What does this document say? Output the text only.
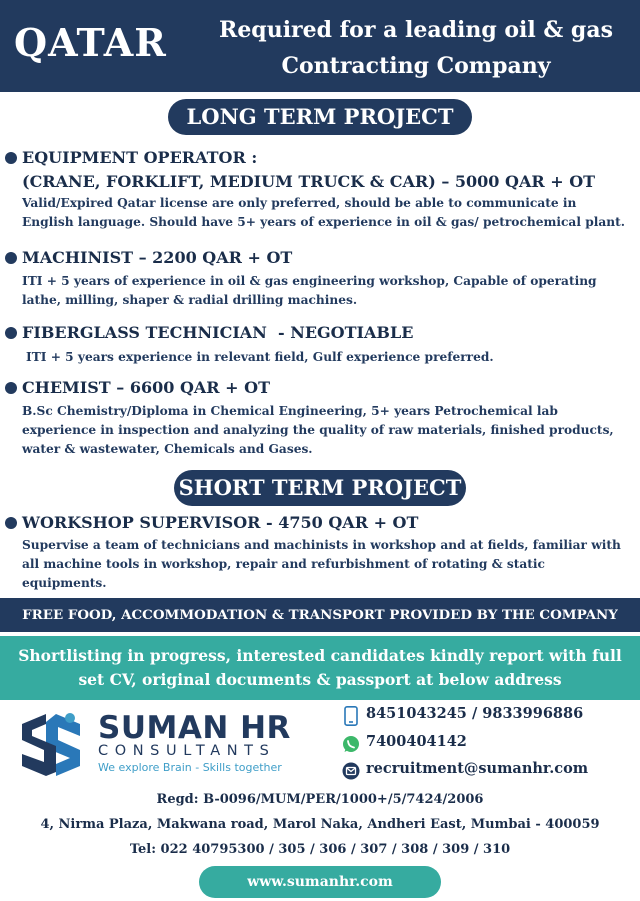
QATAR	Required for a leading oil & gas
Contracting Company
LONG TERM PROJECT
EQUIPMENT OPERATOR :
(CRANE, FORKLIFT, MEDIUM TRUCK & CAR) – 5000 QAR + OT
Valid/Expired Qatar license are only preferred, should be able to communicate in
English language. Should have 5+ years of experience in oil & gas/ petrochemical plant.
MACHINIST – 2200 QAR + OT
ITI + 5 years of experience in oil & gas engineering workshop, Capable of operating
lathe, milling, shaper & radial drilling machines.
FIBERGLASS TECHNICIAN  - NEGOTIABLE
ITI + 5 years experience in relevant field, Gulf experience preferred.
CHEMIST – 6600 QAR + OT
B.Sc Chemistry/Diploma in Chemical Engineering, 5+ years Petrochemical lab
experience in inspection and analyzing the quality of raw materials, finished products,
water & wastewater, Chemicals and Gases.
SHORT TERM PROJECT
WORKSHOP SUPERVISOR - 4750 QAR + OT
Supervise a team of technicians and machinists in workshop and at fields, familiar with
all machine tools in workshop, repair and refurbishment of rotating & static
equipments.
FREE FOOD, ACCOMMODATION & TRANSPORT PROVIDED BY THE COMPANY
Shortlisting in progress, interested candidates kindly report with full
set CV, original documents & passport at below address
SUMAN HR
CONSULTANTS
We explore Brain - Skills together
8451043245 / 9833996886
7400404142
recruitment@sumanhr.com
Regd: B-0096/MUM/PER/1000+/5/7424/2006
4, Nirma Plaza, Makwana road, Marol Naka, Andheri East, Mumbai - 400059
Tel: 022 40795300 / 305 / 306 / 307 / 308 / 309 / 310
www.sumanhr.com
